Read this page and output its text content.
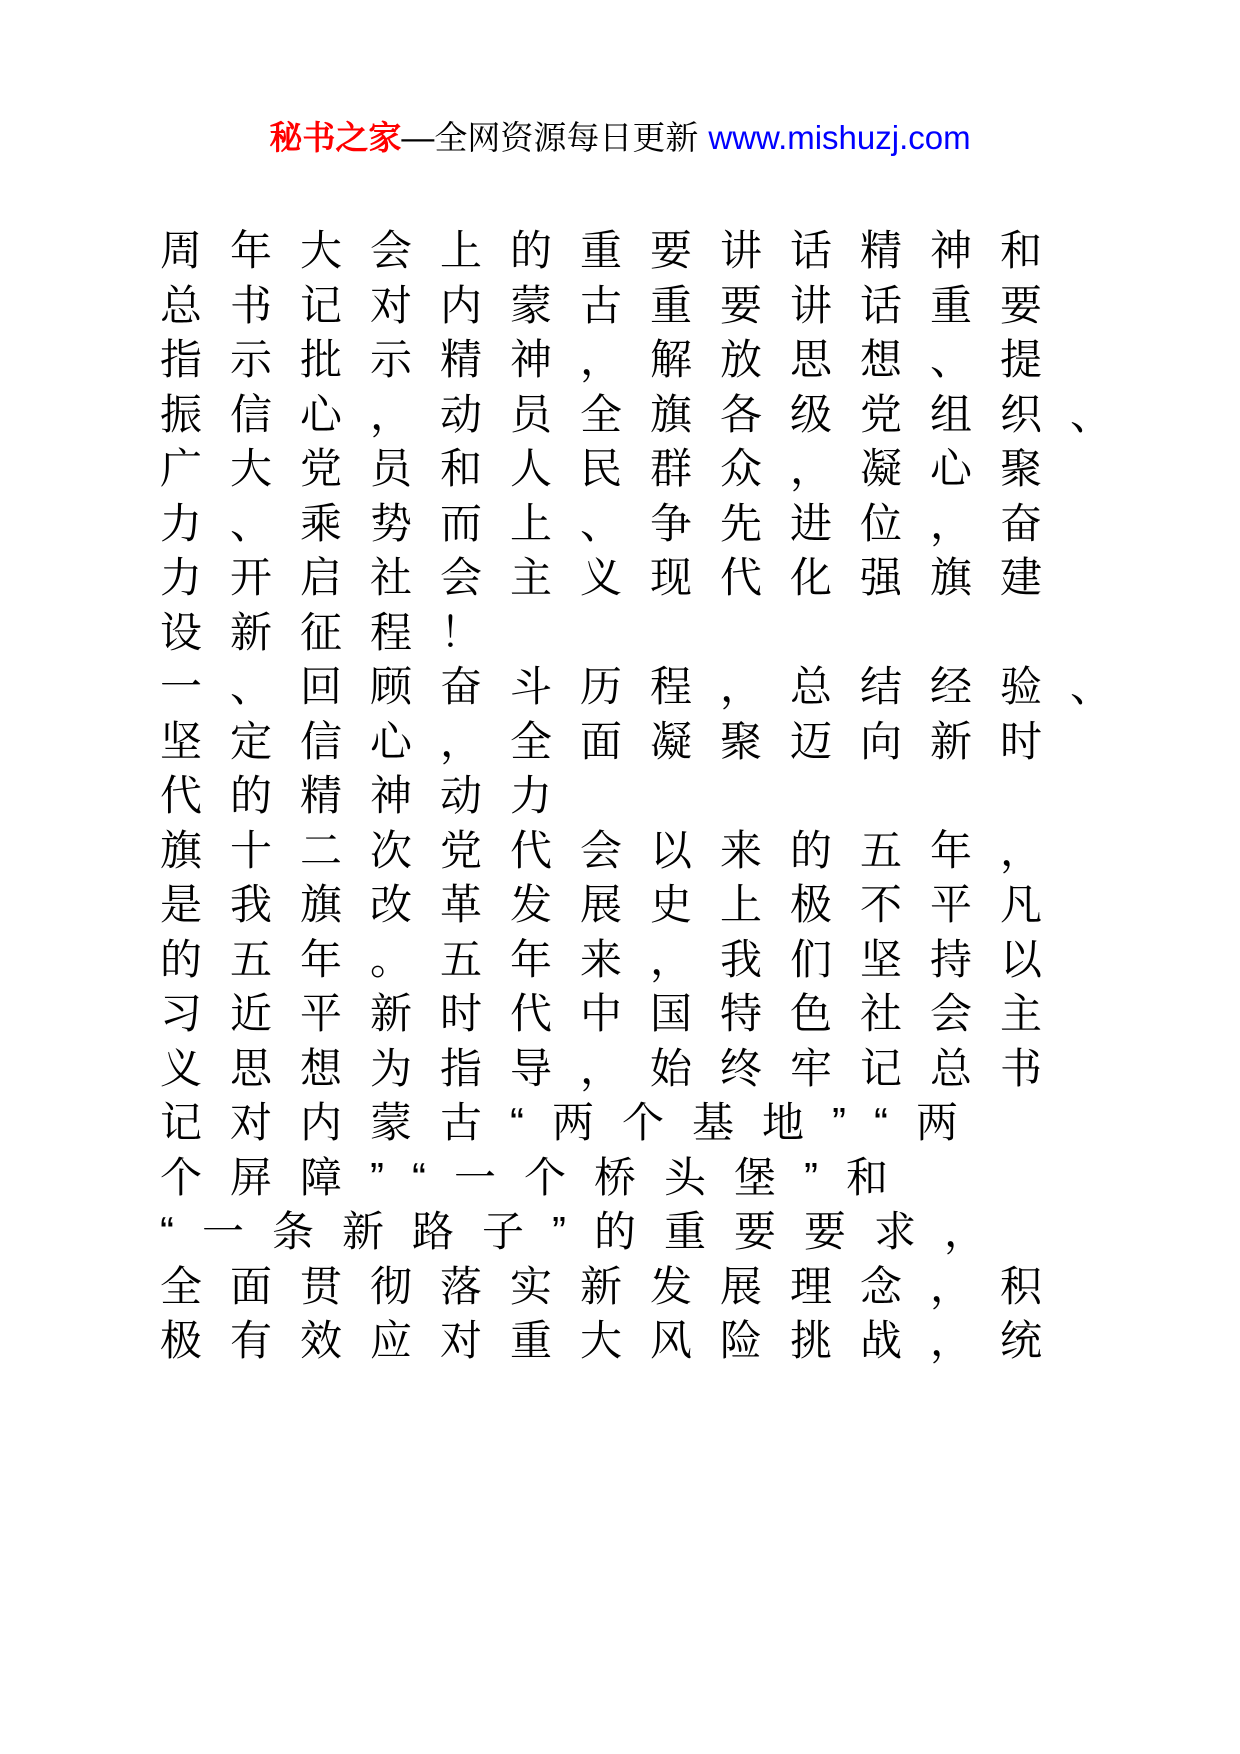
秘书之家—全网资源每日更新 www.mishuzj.com
周年大会上的重要讲话精神和
总书记对内蒙古重要讲话重要
指示批示精神，解放思想、提
振信心，动员全旗各级党组织、
广大党员和人民群众，凝心聚
力、乘势而上、争先进位，奋
力开启社会主义现代化强旗建
设新征程！
一、回顾奋斗历程，总结经验、
坚定信心，全面凝聚迈向新时
代的精神动力
旗十二次党代会以来的五年，
是我旗改革发展史上极不平凡
的五年。五年来，我们坚持以
习近平新时代中国特色社会主
义思想为指导，始终牢记总书
记对内蒙古“两个基地”“两
个屏障”“一个桥头堡”和
“一条新路子”的重要要求，
全面贯彻落实新发展理念，积
极有效应对重大风险挑战，统
